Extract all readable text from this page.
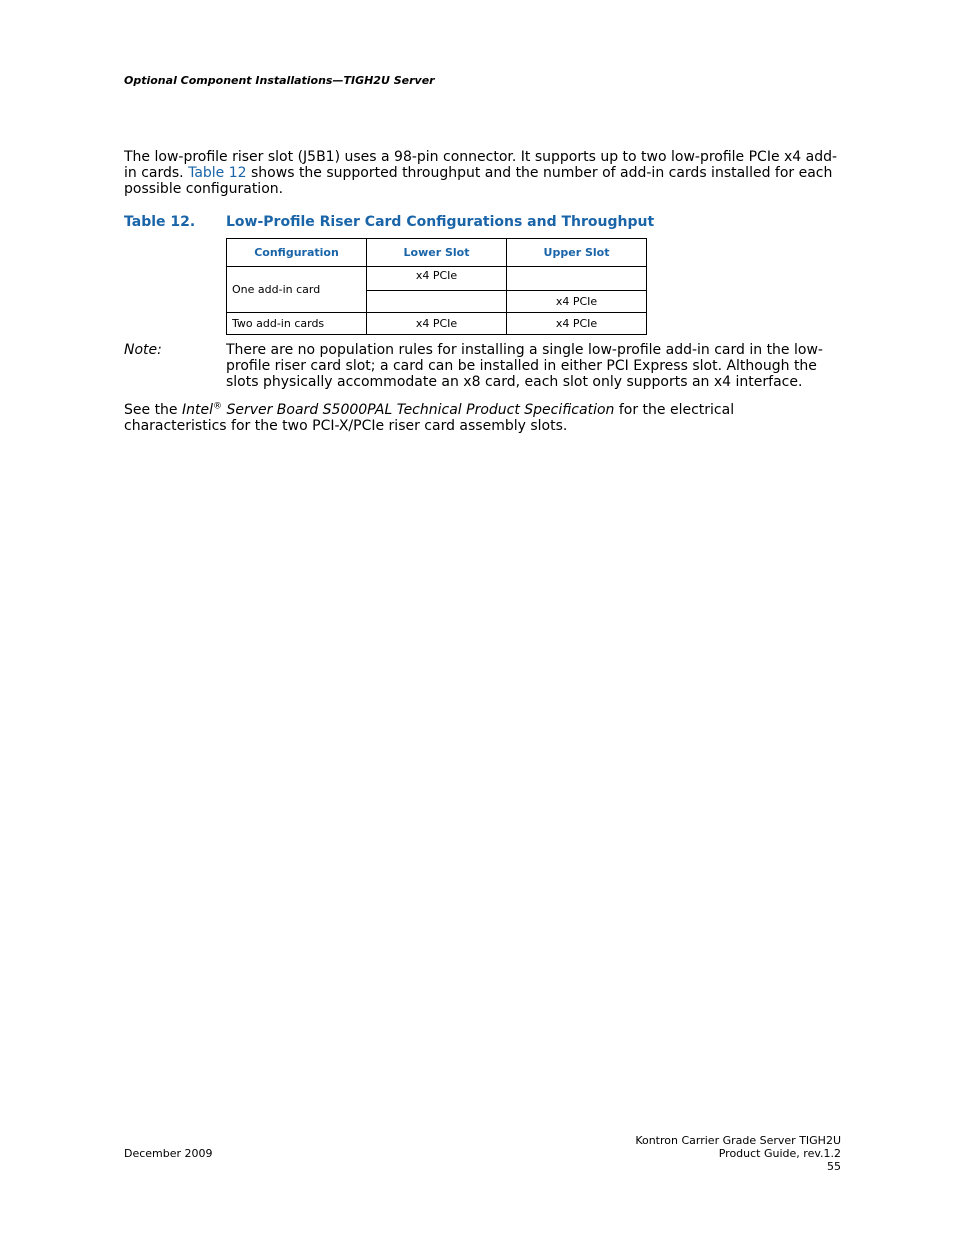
Optional Component Installations—TIGH2U Server
The low-profile riser slot (J5B1) uses a 98-pin connector. It supports up to two low-profile PCIe x4 add-in cards. Table 12 shows the supported throughput and the number of add-in cards installed for each possible configuration.
Table 12. Low-Profile Riser Card Configurations and Throughput
Configuration	Lower Slot	Upper Slot
One add-in card	x4 PCIe	
		x4 PCIe
Two add-in cards	x4 PCIe	x4 PCIe
Note:	There are no population rules for installing a single low-profile add-in card in the low-profile riser card slot; a card can be installed in either PCI Express slot. Although the slots physically accommodate an x8 card, each slot only supports an x4 interface.
See the Intel® Server Board S5000PAL Technical Product Specification for the electrical characteristics for the two PCI-X/PCIe riser card assembly slots.
December 2009
Kontron Carrier Grade Server TIGH2U
Product Guide, rev.1.2
55
